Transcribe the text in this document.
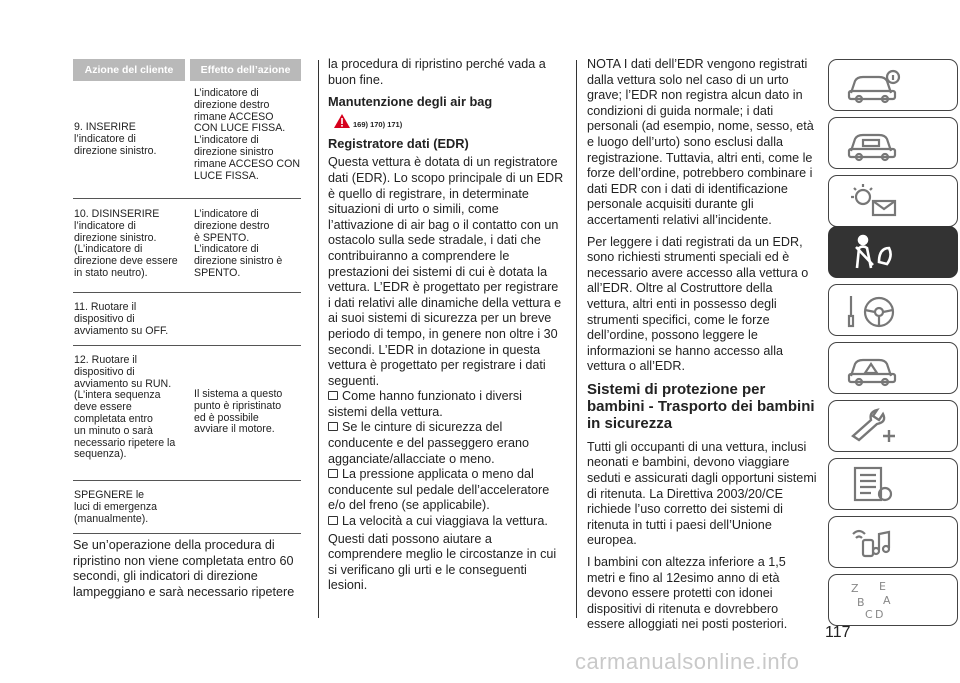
Azione del cliente	Effetto dell’azione
9. INSERIRE
l’indicatore di
direzione sinistro.
L’indicatore di
direzione destro
rimane ACCESO
CON LUCE FISSA.
L’indicatore di
direzione sinistro
rimane ACCESO CON
LUCE FISSA.
10. DISINSERIRE
l’indicatore di
direzione sinistro.
(L’indicatore di
direzione deve essere
in stato neutro).
L’indicatore di
direzione destro
è SPENTO.
L’indicatore di
direzione sinistro è
SPENTO.
11. Ruotare il
dispositivo di
avviamento su OFF.
12. Ruotare il
dispositivo di
avviamento su RUN.
(L’intera sequenza
deve essere
completata entro
un minuto o sarà
necessario ripetere la
sequenza).
Il sistema a questo
punto è ripristinato
ed è possibile
avviare il motore.
SPEGNERE le
luci di emergenza
(manualmente).
Se un’operazione della procedura di ripristino non viene completata entro 60 secondi, gli indicatori di direzione lampeggiano e sarà necessario ripetere

la procedura di ripristino perché vada a buon fine.

Manutenzione degli air bag
169) 170) 171)
Registratore dati (EDR)

Questa vettura è dotata di un registratore dati (EDR). Lo scopo principale di un EDR è quello di registrare, in determinate situazioni di urto o simili, come l’attivazione di air bag o il contatto con un ostacolo sulla sede stradale, i dati che contribuiranno a comprendere le prestazioni dei sistemi di cui è dotata la vettura. L’EDR è progettato per registrare i dati relativi alle dinamiche della vettura e ai suoi sistemi di sicurezza per un breve periodo di tempo, in genere non oltre i 30 secondi. L’EDR in dotazione in questa vettura è progettato per registrare i dati seguenti.

Come hanno funzionato i diversi sistemi della vettura.
Se le cinture di sicurezza del conducente e del passeggero erano agganciate/allacciate o meno.
La pressione applicata o meno dal conducente sul pedale dell’acceleratore e/o del freno (se applicabile).
La velocità a cui viaggiava la vettura.

Questi dati possono aiutare a comprendere meglio le circostanze in cui si verificano gli urti e le conseguenti lesioni.

NOTA I dati dell’EDR vengono registrati dalla vettura solo nel caso di un urto grave; l’EDR non registra alcun dato in condizioni di guida normale; i dati personali (ad esempio, nome, sesso, età e luogo dell’urto) sono esclusi dalla registrazione. Tuttavia, altri enti, come le forze dell’ordine, potrebbero combinare i dati EDR con i dati di identificazione personale acquisiti durante gli accertamenti relativi all’incidente.

Per leggere i dati registrati da un EDR, sono richiesti strumenti speciali ed è necessario avere accesso alla vettura o all’EDR. Oltre al Costruttore della vettura, altri enti in possesso degli strumenti specifici, come le forze dell’ordine, possono leggere le informazioni se hanno accesso alla vettura o all’EDR.

Sistemi di protezione per bambini - Trasporto dei bambini in sicurezza

Tutti gli occupanti di una vettura, inclusi neonati e bambini, devono viaggiare seduti e assicurati dagli opportuni sistemi di ritenuta. La Direttiva 2003/20/CE richiede l’uso corretto dei sistemi di ritenuta in tutti i paesi dell’Unione europea.

I bambini con altezza inferiore a 1,5 metri e fino al 12esimo anno di età devono essere protetti con idonei dispositivi di ritenuta e dovrebbero essere alloggiati nei posti posteriori.

Z E
B A
C D
117
carmanualsonline.info
